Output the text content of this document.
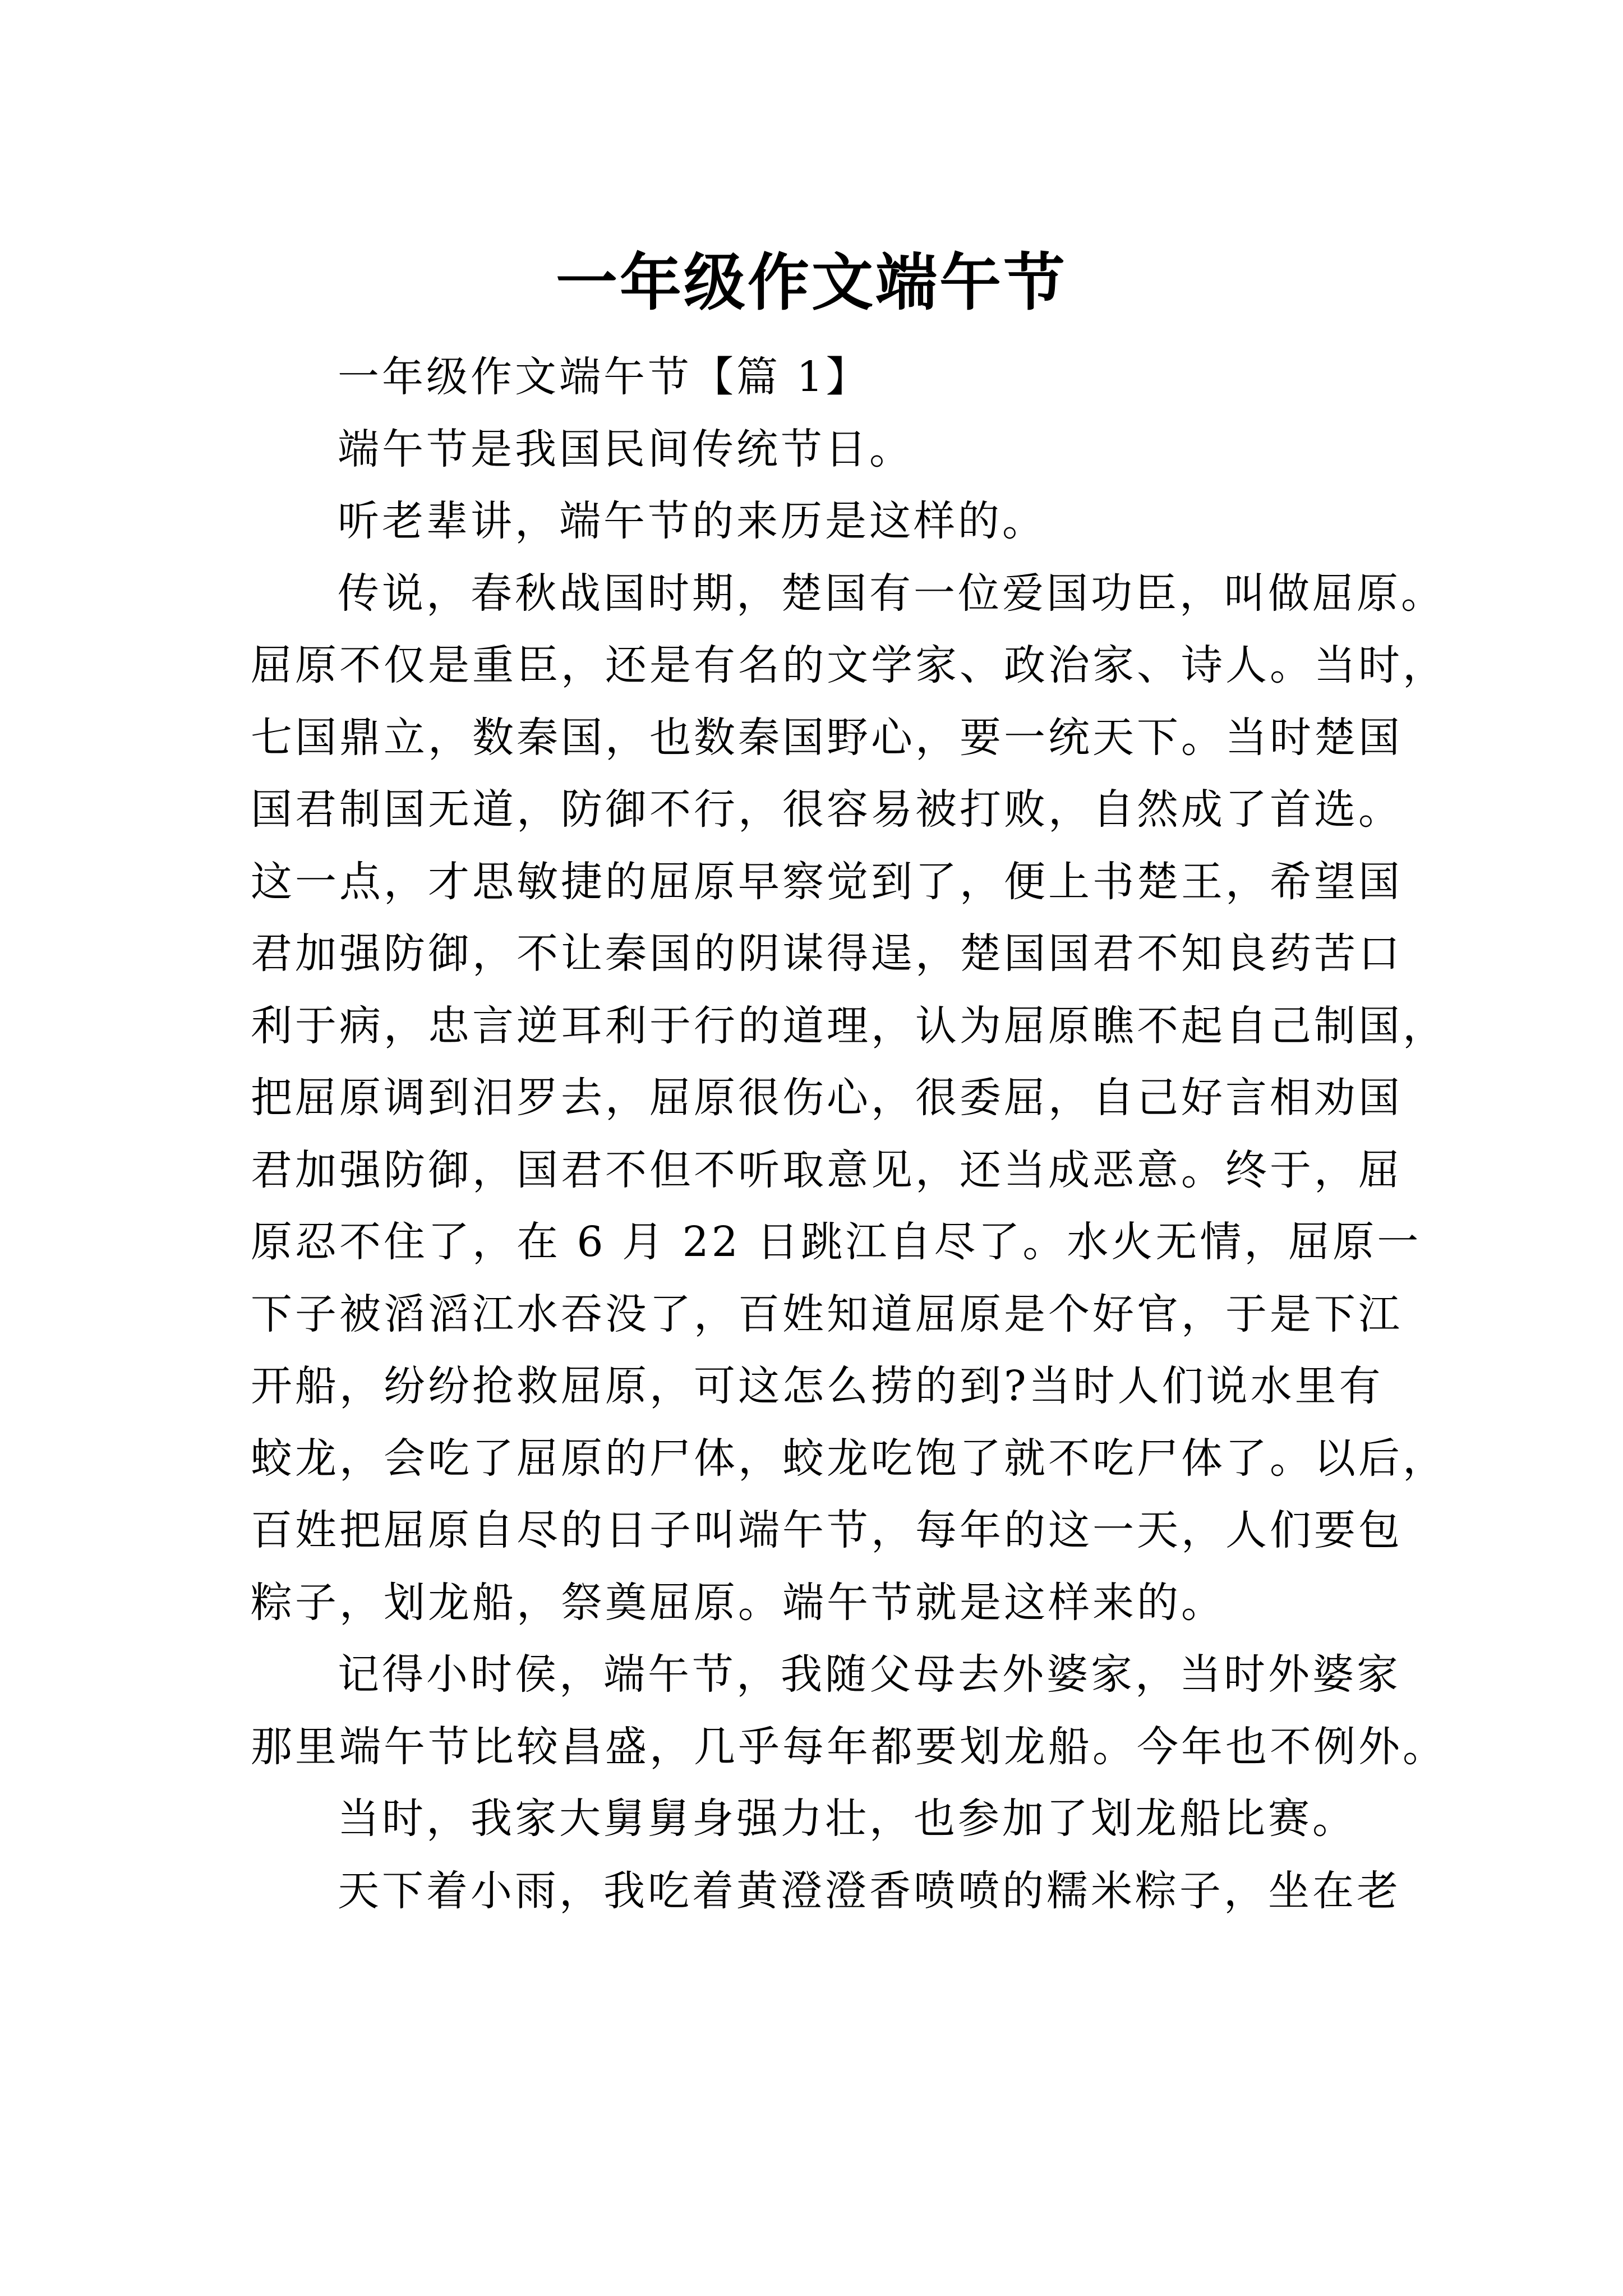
一年级作文端午节
一年级作文端午节【篇 1】
端午节是我国民间传统节日。
听老辈讲，端午节的来历是这样的。
传说，春秋战国时期，楚国有一位爱国功臣，叫做屈原。
屈原不仅是重臣，还是有名的文学家、政治家、诗人。当时，
七国鼎立，数秦国，也数秦国野心，要一统天下。当时楚国
国君制国无道，防御不行，很容易被打败，自然成了首选。
这一点，才思敏捷的屈原早察觉到了，便上书楚王，希望国
君加强防御，不让秦国的阴谋得逞，楚国国君不知良药苦口
利于病，忠言逆耳利于行的道理，认为屈原瞧不起自己制国，
把屈原调到汨罗去，屈原很伤心，很委屈，自己好言相劝国
君加强防御，国君不但不听取意见，还当成恶意。终于，屈
原忍不住了，在 6 月 22 日跳江自尽了。水火无情，屈原一
下子被滔滔江水吞没了，百姓知道屈原是个好官，于是下江
开船，纷纷抢救屈原，可这怎么捞的到?当时人们说水里有
蛟龙，会吃了屈原的尸体，蛟龙吃饱了就不吃尸体了。以后，
百姓把屈原自尽的日子叫端午节，每年的这一天，人们要包
粽子，划龙船，祭奠屈原。端午节就是这样来的。
记得小时侯，端午节，我随父母去外婆家，当时外婆家
那里端午节比较昌盛，几乎每年都要划龙船。今年也不例外。
当时，我家大舅舅身强力壮，也参加了划龙船比赛。
天下着小雨，我吃着黄澄澄香喷喷的糯米粽子，坐在老
